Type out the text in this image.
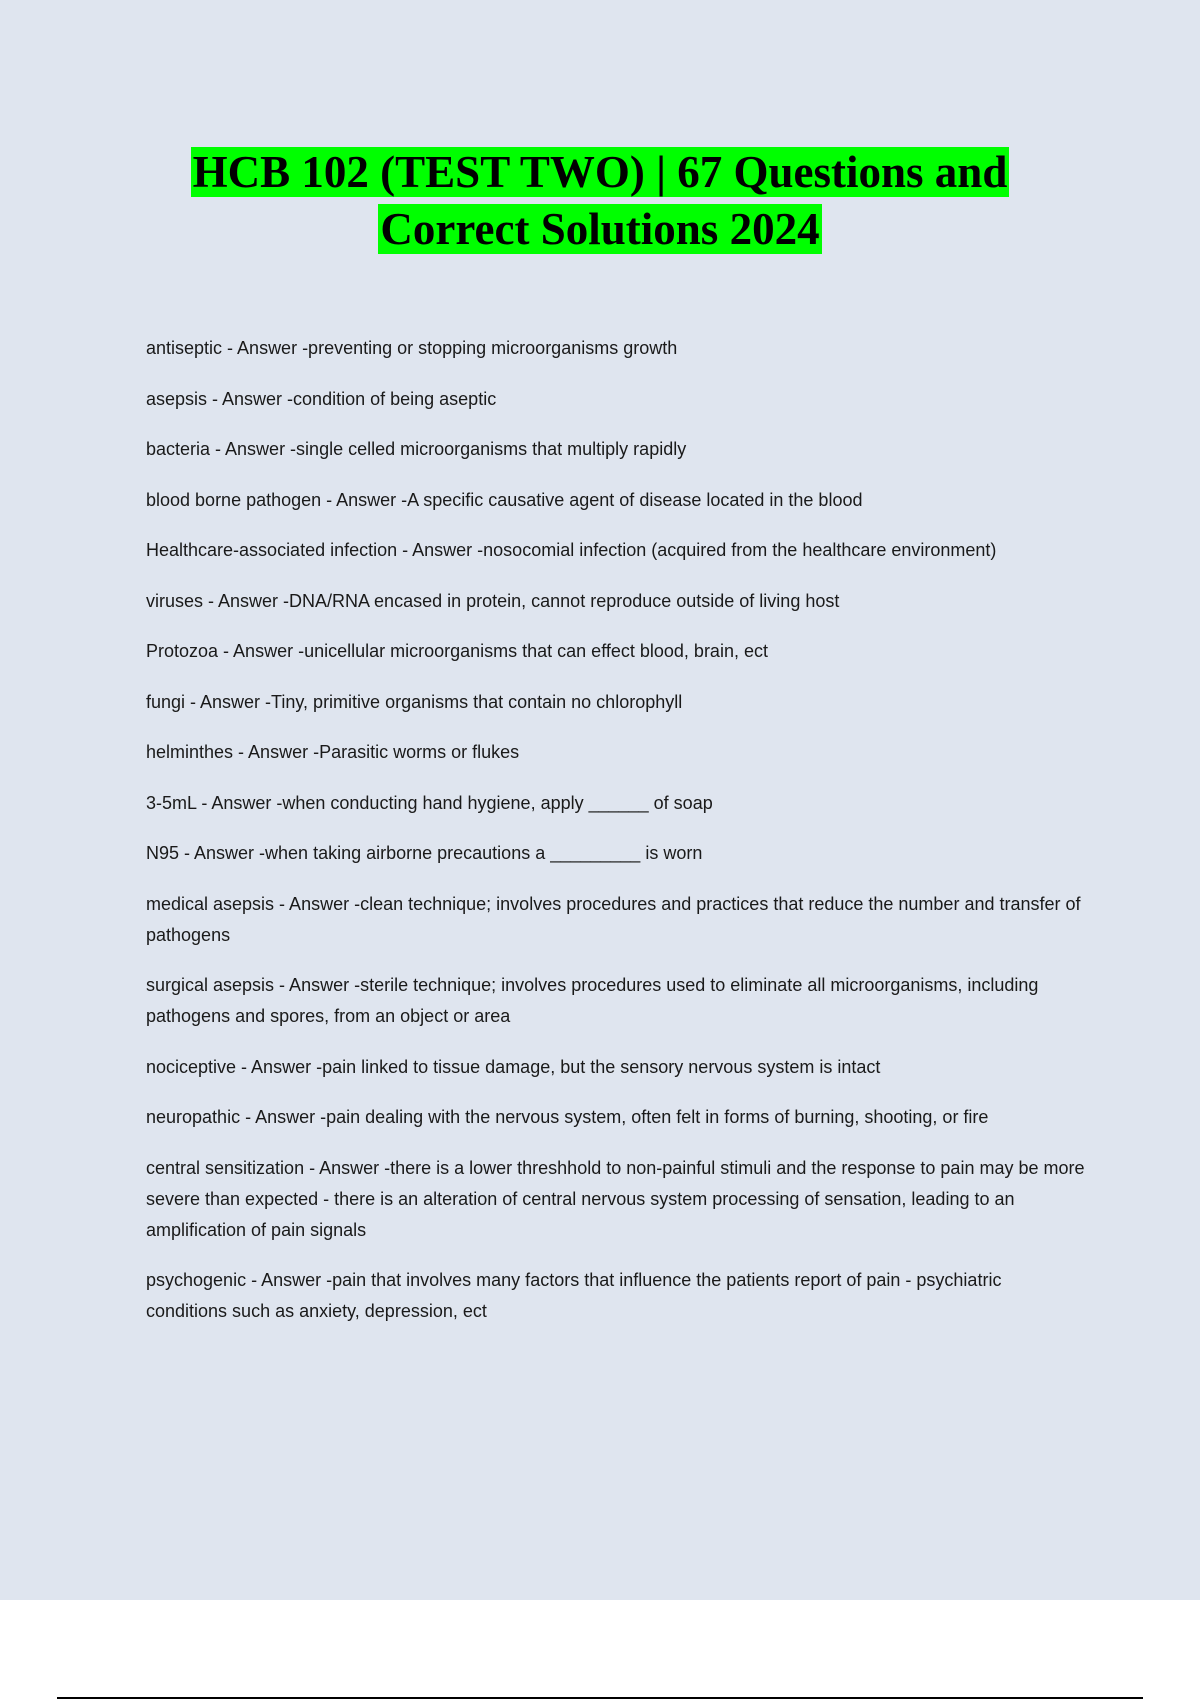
HCB 102 (TEST TWO) | 67 Questions and
Correct Solutions 2024
antiseptic - Answer -preventing or stopping microorganisms growth
asepsis - Answer -condition of being aseptic
bacteria - Answer -single celled microorganisms that multiply rapidly
blood borne pathogen - Answer -A specific causative agent of disease located in the blood
Healthcare-associated infection - Answer -nosocomial infection (acquired from the healthcare environment)
viruses - Answer -DNA/RNA encased in protein, cannot reproduce outside of living host
Protozoa - Answer -unicellular microorganisms that can effect blood, brain, ect
fungi - Answer -Tiny, primitive organisms that contain no chlorophyll
helminthes - Answer -Parasitic worms or flukes
3-5mL - Answer -when conducting hand hygiene, apply ______ of soap
N95 - Answer -when taking airborne precautions a _________ is worn
medical asepsis - Answer -clean technique; involves procedures and practices that reduce the number and transfer of pathogens
surgical asepsis - Answer -sterile technique; involves procedures used to eliminate all microorganisms, including pathogens and spores, from an object or area
nociceptive - Answer -pain linked to tissue damage, but the sensory nervous system is intact
neuropathic - Answer -pain dealing with the nervous system, often felt in forms of burning, shooting, or fire
central sensitization - Answer -there is a lower threshhold to non-painful stimuli and the response to pain may be more severe than expected - there is an alteration of central nervous system processing of sensation, leading to an amplification of pain signals
psychogenic - Answer -pain that involves many factors that influence the patients report of pain - psychiatric conditions such as anxiety, depression, ect
